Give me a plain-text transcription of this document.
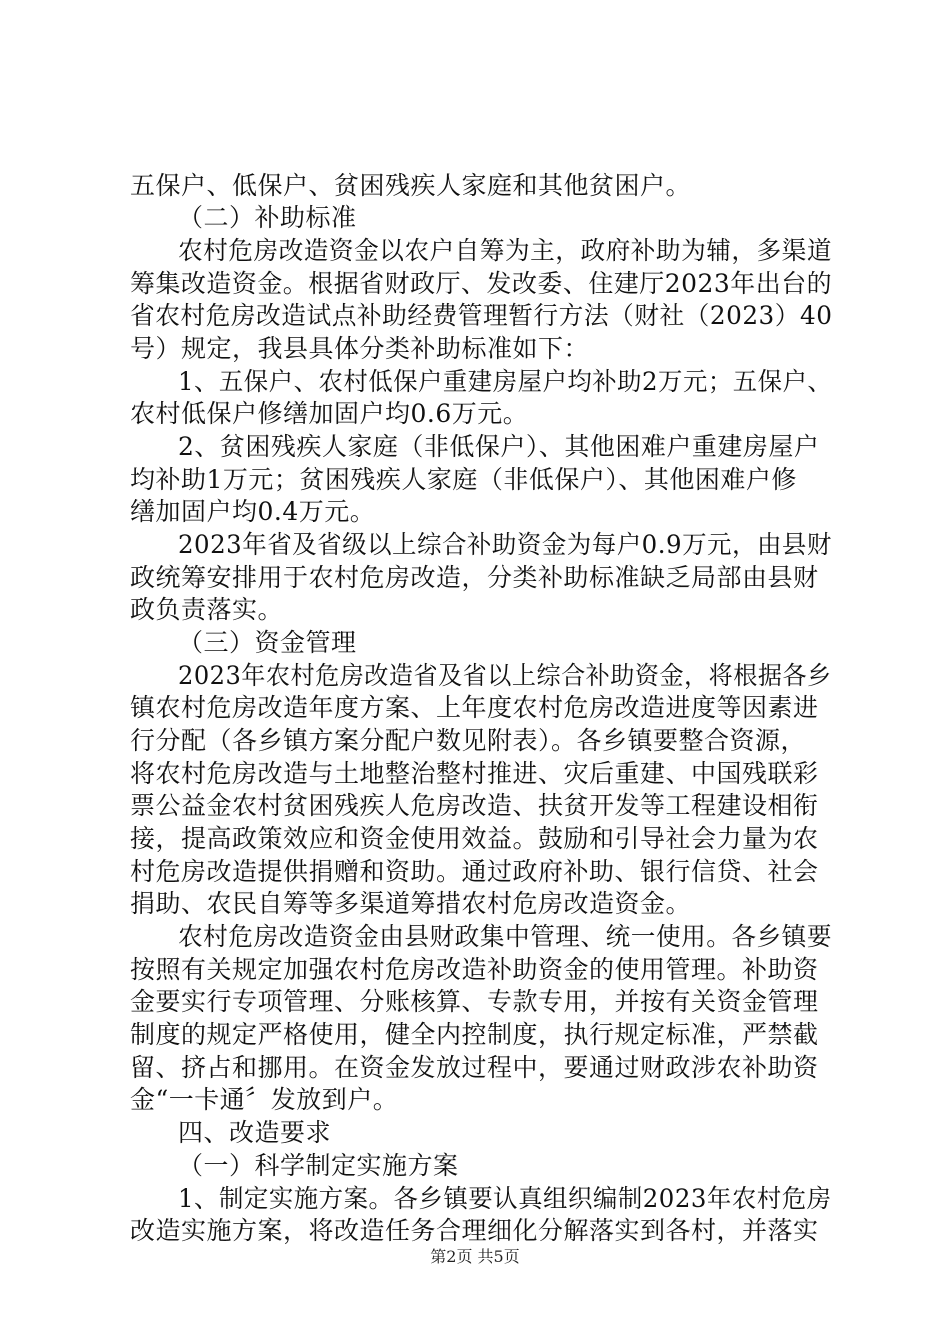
五保户、低保户、贫困残疾人家庭和其他贫困户。
（二）补助标准
农村危房改造资金以农户自筹为主，政府补助为辅，多渠道
筹集改造资金。根据省财政厅、发改委、住建厅2023年出台的
省农村危房改造试点补助经费管理暂行方法（财社（2023）40
号）规定，我县具体分类补助标准如下：
1、五保户、农村低保户重建房屋户均补助2万元；五保户、
农村低保户修缮加固户均0.6万元。
2、贫困残疾人家庭（非低保户）、其他困难户重建房屋户
均补助1万元；贫困残疾人家庭（非低保户）、其他困难户修
缮加固户均0.4万元。
2023年省及省级以上综合补助资金为每户0.9万元，由县财
政统筹安排用于农村危房改造，分类补助标准缺乏局部由县财
政负责落实。
（三）资金管理
2023年农村危房改造省及省以上综合补助资金，将根据各乡
镇农村危房改造年度方案、上年度农村危房改造进度等因素进
行分配（各乡镇方案分配户数见附表）。各乡镇要整合资源，
将农村危房改造与土地整治整村推进、灾后重建、中国残联彩
票公益金农村贫困残疾人危房改造、扶贫开发等工程建设相衔
接，提高政策效应和资金使用效益。鼓励和引导社会力量为农
村危房改造提供捐赠和资助。通过政府补助、银行信贷、社会
捐助、农民自筹等多渠道筹措农村危房改造资金。
农村危房改造资金由县财政集中管理、统一使用。各乡镇要
按照有关规定加强农村危房改造补助资金的使用管理。补助资
金要实行专项管理、分账核算、专款专用，并按有关资金管理
制度的规定严格使用，健全内控制度，执行规定标准，严禁截
留、挤占和挪用。在资金发放过程中，要通过财政涉农补助资
金“一卡通〞发放到户。
四、改造要求
（一）科学制定实施方案
1、制定实施方案。各乡镇要认真组织编制2023年农村危房
改造实施方案，将改造任务合理细化分解落实到各村，并落实
第2页 共5页
